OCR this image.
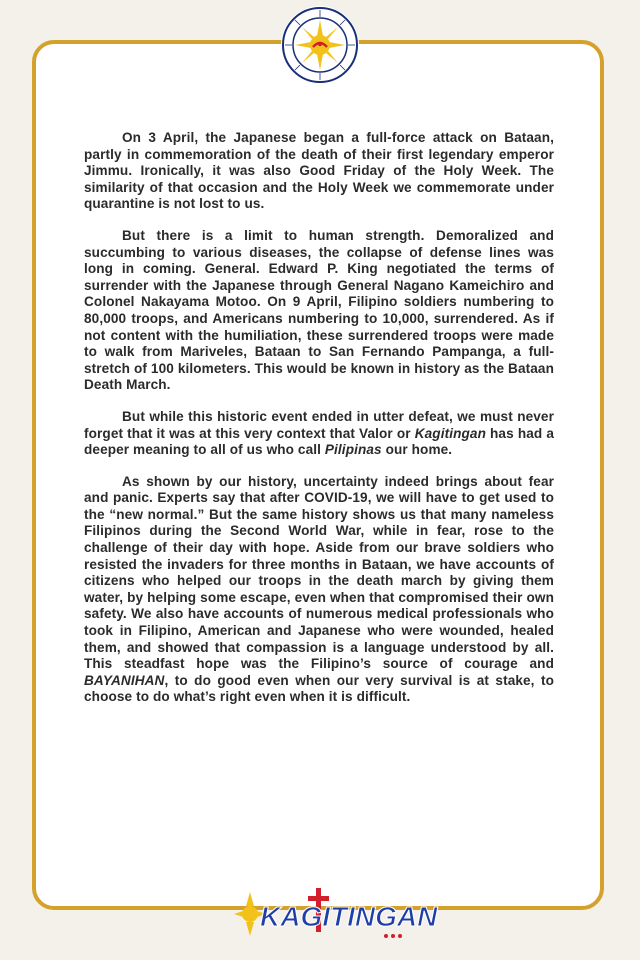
On 3 April, the Japanese began a full-force attack on Bataan, partly in commemoration of the death of their first legendary emperor Jimmu. Ironically, it was also Good Friday of the Holy Week. The similarity of that occasion and the Holy Week we commemorate under quarantine is not lost to us.

But there is a limit to human strength. Demoralized and succumbing to various diseases, the collapse of defense lines was long in coming. General. Edward P. King negotiated the terms of surrender with the Japanese through General Nagano Kameichiro and Colonel Nakayama Motoo. On 9 April, Filipino soldiers numbering to 80,000 troops, and Americans numbering to 10,000, surrendered. As if not content with the humiliation, these surrendered troops were made to walk from Mariveles, Bataan to San Fernando Pampanga, a full-stretch of 100 kilometers. This would be known in history as the Bataan Death March.

But while this historic event ended in utter defeat, we must never forget that it was at this very context that Valor or Kagitingan has had a deeper meaning to all of us who call Pilipinas our home.

As shown by our history, uncertainty indeed brings about fear and panic. Experts say that after COVID-19, we will have to get used to the “new normal.” But the same history shows us that many nameless Filipinos during the Second World War, while in fear, rose to the challenge of their day with hope. Aside from our brave soldiers who resisted the invaders for three months in Bataan, we have accounts of citizens who helped our troops in the death march by giving them water, by helping some escape, even when that compromised their own safety. We also have accounts of numerous medical professionals who took in Filipino, American and Japanese who were wounded, healed them, and showed that compassion is a language understood by all. This steadfast hope was the Filipino’s source of courage and BAYANIHAN, to do good even when our very survival is at stake, to choose to do what’s right even when it is difficult.

KAGITINGAN
